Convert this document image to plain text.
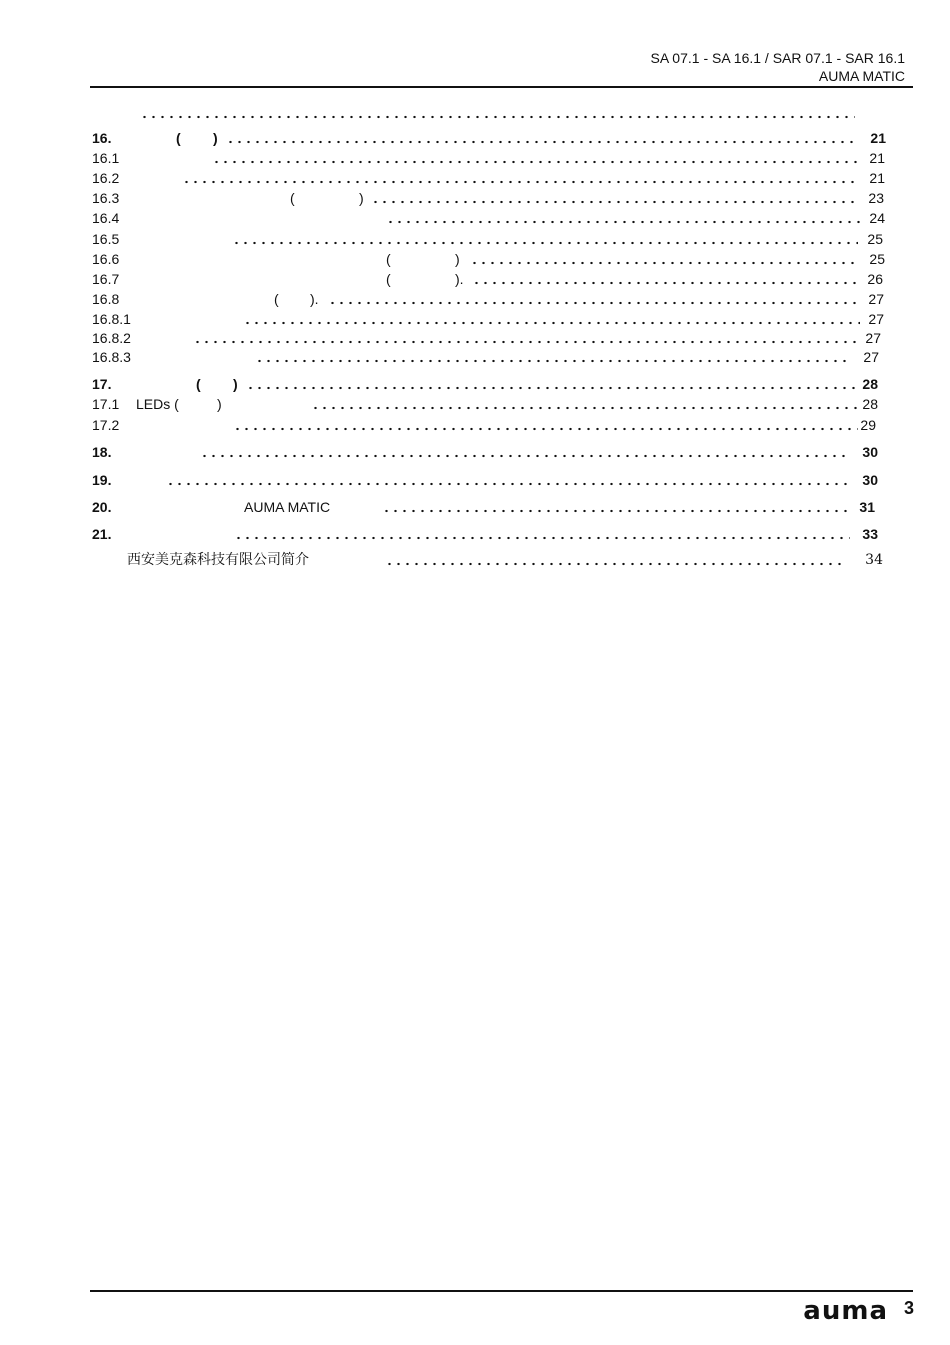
SA 07.1 - SA 16.1 / SAR 07.1 - SAR 16.1
AUMA MATIC
16.	( )	21
16.1	21
16.2	21
16.3	(	)	23
16.4	24
16.5	25
16.6	(	)	25
16.7	(	).	26
16.8	( ).	27
16.8.1	27
16.8.2	27
16.8.3	27
17.	( )	28
17.1 LEDs (	)	28
17.2	29
18.	30
19.	30
20.	AUMA MATIC	31
21.	33
西安美克森科技有限公司简介	34
auma 3
